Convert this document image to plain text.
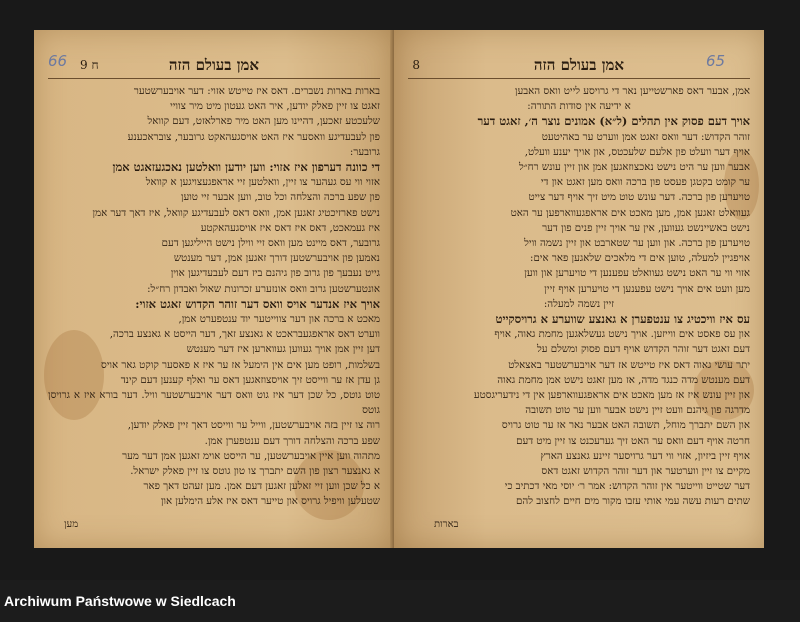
66	אמן בעולם הזה
ח 9

בארות בארות נשברים. דאס איז טייטש אזוי: דער אויבערשטער

זאגט צו זיין פאלק יודען, איר האט געטון מיט מיר צוויי

שלעכטע זאכען, דהיינו מען האט מיר פארלאזט, דעם קוואל

פון לעבעדיגע וואסער איז האט אויסגעהאקט גרובער, צובראכענע

גרובער:

די כוונה דערפון איז אזוי: ווען יודען וואלטען נאכגעזאגט אמן

אזוי ווי עס געהער צו זיין, וואלטען זיי אראפגעצויגען א קוואל

פון שפע ברכה והצלחה וכל טוב, ווען אבער זיי טוען

נישט פארזיכטיג זאגען אמן, וואס דאס לעבעדיגע קוואל, איז דאך דער אמן

איז געמאכט, דאס איז דאס איז אויסגעהאקטע

גרובער, דאס מיינט מען וואס זיי ווילן נישט הייליגען דעם

נאמען פון אויבערשטען דורך זאגען אמן, דער מענטש

גייט נעבעך פון גרוב פון גיהנם ביז דעם לעבעדיגען אוין

אונטערשטען גרוב וואס אונזערע זכרונות שאול ואבדון רח״ל:

אויך איז אנדער אויס וואס דער זוהר הקדוש זאגט אזוי:

מאכט א ברכה און דער צווייטער יוד ענטפערט אמן,

ווערט דאס אראפגעבראכט א גאנצע זאך, דער הייסט א גאנצע ברכה,

דען זיין אמן אויך געווען געווארען איז דער מענטש

בשלמות, רופט מען אים אין הימעל אז ער איז א פאסער קוקט גאר אויס

גן עדן אז ער ווייסט זיך אויסצוזאגען דאס ער ואלף קענען דעם קינד

טוט גוטס, כל שכן דער איז גוט וואס דער אויבערשטער וויל. דער בורא איז א גרויסן גוטס

רוה צו זיין בזה אויבערשטען, ווייל ער ווייסט דאך זיין פאלק יודען,

שפע ברכה והצלחה דורך דעם ענטפערן אמן.

מתהוה ווען איין אויבערשטען, ער הייסט אוימ זאגען אמן דער מער

א גאנצער רצון פון השם יתברך צו טון גוטס צו זיין פאלק ישראל.

א כל שכן ווען זיי זאלען זאגען דעם אמן. מען זעהט דאך פאר

שטעלען וויפיל גרויס און טייער דאס איז אלע הימלען און

מען
65
אמן בעולם הזה
8

אמן, אבער דאס פארשטייען נאר די גרויסע לייט וואס האבען

א ידיעה אין סודות התורה:

אויך דעם פסוק אין תהלים (ל״א) אמונים נוצר ה׳, זאגט דער

זוהר הקדוש: דער וואס זאגט אמן ווערט ער באהיטעט

אויף דער וועלט פון אלעם שלעכטס, און אויך יענע וועלט,

אבער ווען ער היט נישט נאכצוזאגען אמן און זיין עונש רח״ל

ער קומט בקטגן פעסט פון ברכה וואס מען זאגט און די

טויערען פון ברכה. דער עונש טוט מיט זיך אויף דער צייט

געוואלט זאגען אמן, מען מאכט אים אראפגעווארפען ער האט

נישט באשיינשט געווען, אין ער אויך זיין פנים פון דער

טויערען פון ברכה. און ווען ער שטארבט און זיין נשמה וויל

אויפגיין למעלה, טוען אים די מלאכים שלאגען פאר אים:

אזוי ווי ער האט נישט געוואלט עפענען די טויערען און ווען

מען וועט אים אויך נישט עפענען די טויערען אויף זיין

זיין נשמה למעלה:

עס איז וויכטיג צו ענטפערן א גאנצע שווערע א גרויסקייט

און עס פאסט אים ווייזען. אויך נישט געשלאגען מחמת גאוה, אויף

דעם זאגט דער זוהר הקדוש אויף דעם פסוק ומשלם על

יתר עושי גאוה דאס איז טייטש אז דער אויבערשטער באצאלט

דעם מענטש מדה כנגד מדה, אז מען זאגט נישט אמן מחמת גאוה

און זיין עונש איז אז מען מאכט אים אראפגעווארפען אין די נידעריגסטע

מדרגה פון גיהנם וועט זיין נישט אבער ווען ער טוט תשובה

און השם יתברך מוחל, תשובה האט אבער נאר אז ער טוט גרויס

חרטה אויף דעם וואס ער האט זיך גערעכנט צו זיין מיט דעם

אויף זיין ביזיון, אזוי ווי דער גרויסער זיינע גאנצע הארץ

מקיים צו זיין ווערטער און דער זוהר הקדוש זאגט דאס

דער שטייט ווייטער אין זוהר הקדוש: אמר ר׳ יוסי מאי דכתיב כי

שתים רעות עשה עמי אותי עזבו מקור מים חיים לחצוב להם

בארות
Archiwum Państwowe w Siedlcach
